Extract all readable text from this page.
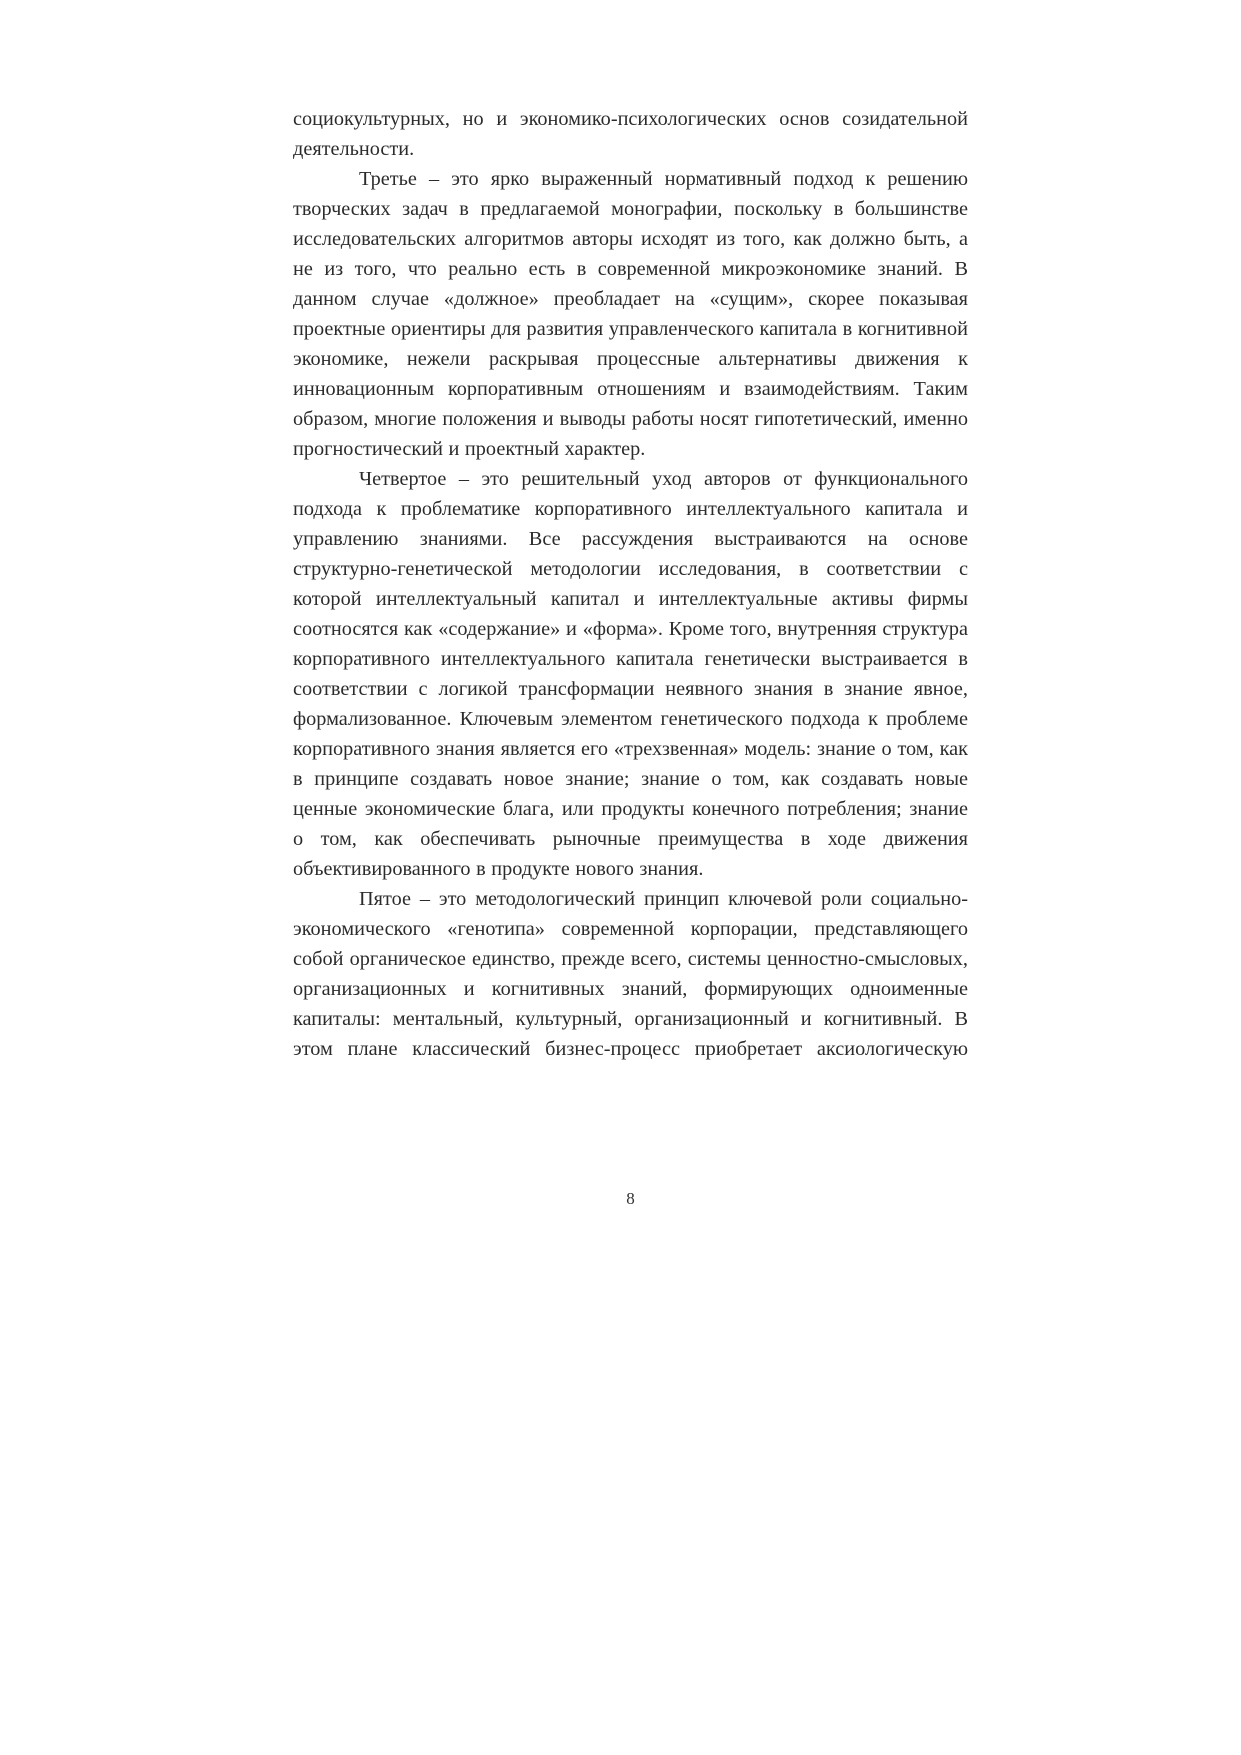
социокультурных, но и экономико-психологических основ созидательной деятельности.

Третье – это ярко выраженный нормативный подход к решению творческих задач в предлагаемой монографии, поскольку в большинстве исследовательских алгоритмов авторы исходят из того, как должно быть, а не из того, что реально есть в современной микроэкономике знаний. В данном случае «должное» преобладает на «сущим», скорее показывая проектные ориентиры для развития управленческого капитала в когнитивной экономике, нежели раскрывая процессные альтернативы движения к инновационным корпоративным отношениям и взаимодействиям. Таким образом, многие положения и выводы работы носят гипотетический, именно прогностический и проектный характер.

Четвертое – это решительный уход авторов от функционального подхода к проблематике корпоративного интеллектуального капитала и управлению знаниями. Все рассуждения выстраиваются на основе структурно-генетической методологии исследования, в соответствии с которой интеллектуальный капитал и интеллектуальные активы фирмы соотносятся как «содержание» и «форма». Кроме того, внутренняя структура корпоративного интеллектуального капитала генетически выстраивается в соответствии с логикой трансформации неявного знания в знание явное, формализованное. Ключевым элементом генетического подхода к проблеме корпоративного знания является его «трехзвенная» модель: знание о том, как в принципе создавать новое знание; знание о том, как создавать новые ценные экономические блага, или продукты конечного потребления; знание о том, как обеспечивать рыночные преимущества в ходе движения объективированного в продукте нового знания.

Пятое – это методологический принцип ключевой роли социально-экономического «генотипа» современной корпорации, представляющего собой органическое единство, прежде всего, системы ценностно-смысловых, организационных и когнитивных знаний, формирующих одноименные капиталы: ментальный, культурный, организационный и когнитивный. В этом плане классический бизнес-процесс приобретает аксиологическую

8
